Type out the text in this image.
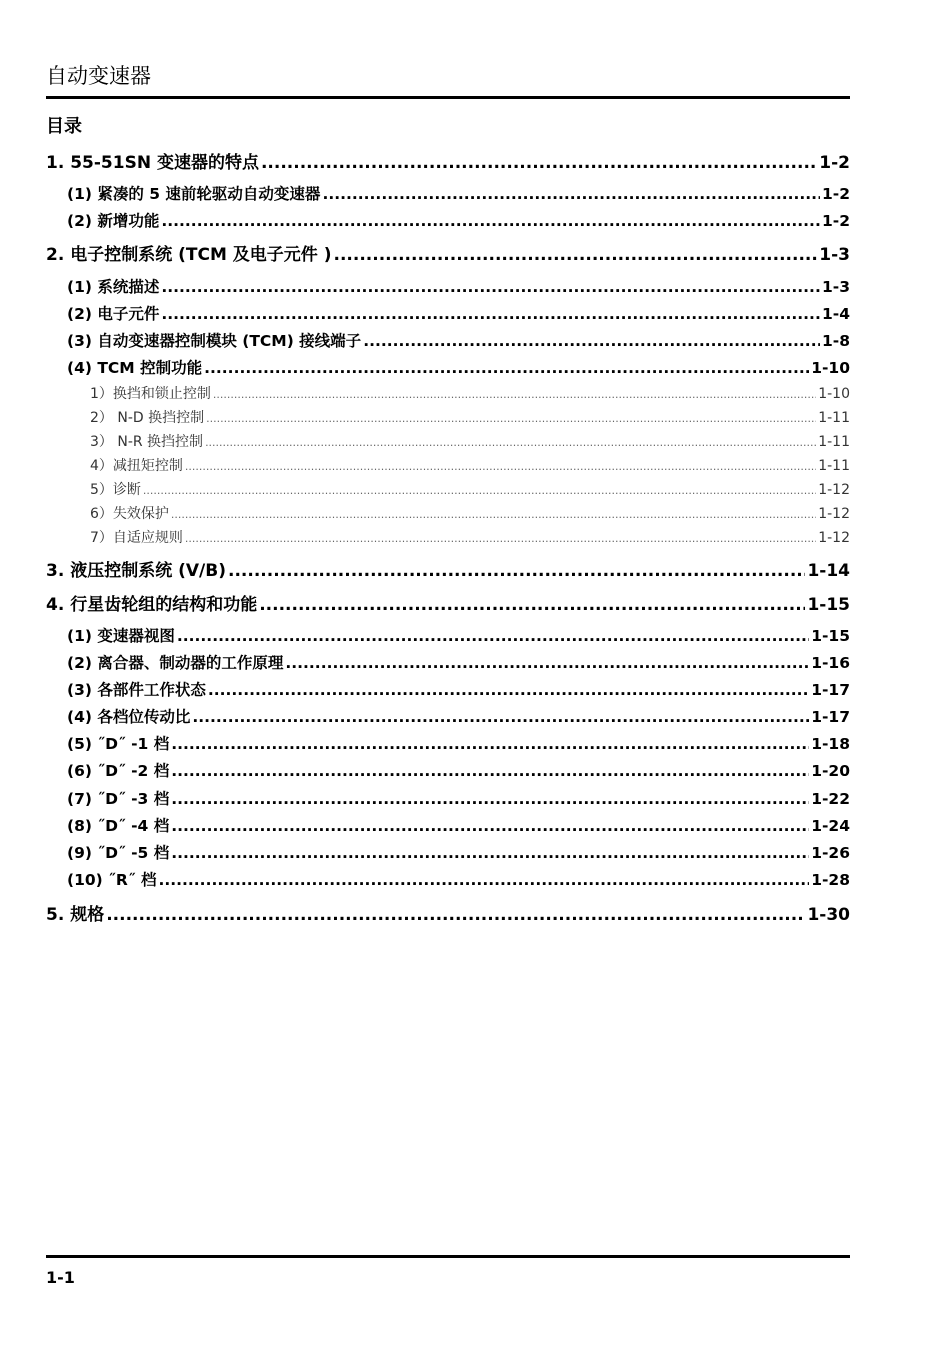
自动变速器
目录
1. 55-51SN 变速器的特点 .....	1-2
(1) 紧凑的 5 速前轮驱动自动变速器 .....	1-2
(2) 新增功能 .....	1-2
2. 电子控制系统 (TCM 及电子元件 ) .....	1-3
(1) 系统描述 .....	1-3
(2) 电子元件 .....	1-4
(3) 自动变速器控制模块 (TCM) 接线端子 .....	1-8
(4) TCM 控制功能 .....	1-10
1）换挡和锁止控制 .....	1-10
2） N-D 换挡控制 .....	1-11
3） N-R 换挡控制 .....	1-11
4）减扭矩控制 .....	1-11
5）诊断 .....	1-12
6）失效保护 .....	1-12
7）自适应规则 .....	1-12
3. 液压控制系统 (V/B) .....	1-14
4. 行星齿轮组的结构和功能 .....	1-15
(1) 变速器视图 .....	1-15
(2) 离合器、制动器的工作原理 .....	1-16
(3) 各部件工作状态 .....	1-17
(4) 各档位传动比 .....	1-17
(5) ˝D˝ -1 档 .....	1-18
(6) ˝D˝ -2 档 .....	1-20
(7) ˝D˝ -3 档 .....	1-22
(8) ˝D˝ -4 档 .....	1-24
(9) ˝D˝ -5 档 .....	1-26
(10) ˝R˝ 档 .....	1-28
5. 规格 .....	1-30
1-1
